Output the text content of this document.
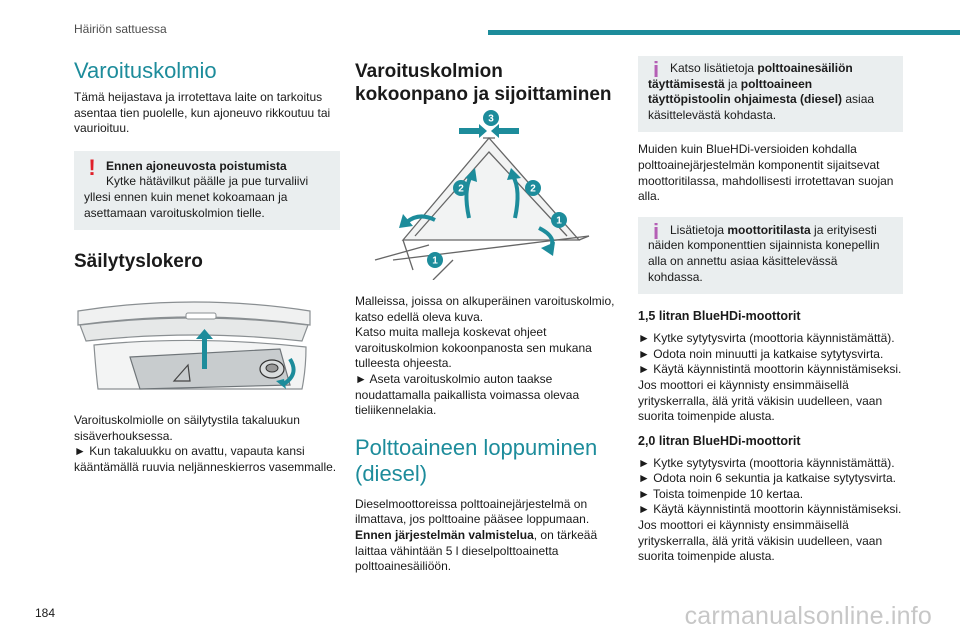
Häiriön sattuessa
Varoituskolmio

Tämä heijastava ja irrotettava laite on tarkoitus asentaa tien puolelle, kun ajoneuvo rikkoutuu tai vaurioituu.

! Ennen ajoneuvosta poistumista
Kytke hätävilkut päälle ja pue turvaliivi yllesi ennen kuin menet kokoamaan ja asettamaan varoituskolmion tielle.
Säilytyslokero

Varoituskolmiolle on säilytystila takaluukun sisäverhouksessa.

► Kun takaluukku on avattu, vapauta kansi kääntämällä ruuvia neljänneskierros vasemmalle.

Varoituskolmion kokoonpano ja sijoittaminen
3
2	2
1
1

Malleissa, joissa on alkuperäinen varoituskolmio, katso edellä oleva kuva.

Katso muita malleja koskevat ohjeet varoituskolmion kokoonpanosta sen mukana tulleesta ohjeesta.

► Aseta varoituskolmio auton taakse noudattamalla paikallista voimassa olevaa tieliikennelakia.

Polttoaineen loppuminen (diesel)

Dieselmoottoreissa polttoainejärjestelmä on ilmattava, jos polttoaine pääsee loppumaan.

Ennen järjestelmän valmistelua, on tärkeää laittaa vähintään 5 l dieselpolttoainetta polttoainesäiliöön.

i Katso lisätietoja polttoainesäiliön täyttämisestä ja polttoaineen täyttöpistoolin ohjaimesta (diesel) asiaa käsittelevästä kohdasta.

Muiden kuin BlueHDi-versioiden kohdalla polttoainejärjestelmän komponentit sijaitsevat moottoritilassa, mahdollisesti irrotettavan suojan alla.

i Lisätietoja moottoritilasta ja erityisesti näiden komponenttien sijainnista konepellin alla on annettu asiaa käsittelevässä kohdassa.
1,5 litran BlueHDi-moottorit

► Kytke sytytysvirta (moottoria käynnistämättä).

► Odota noin minuutti ja katkaise sytytysvirta.

► Käytä käynnistintä moottorin käynnistämiseksi.

Jos moottori ei käynnisty ensimmäisellä yrityskerralla, älä yritä väkisin uudelleen, vaan suorita toimenpide alusta.

2,0 litran BlueHDi-moottorit

► Kytke sytytysvirta (moottoria käynnistämättä).

► Odota noin 6 sekuntia ja katkaise sytytysvirta.

► Toista toimenpide 10 kertaa.

► Käytä käynnistintä moottorin käynnistämiseksi.

Jos moottori ei käynnisty ensimmäisellä yrityskerralla, älä yritä väkisin uudelleen, vaan suorita toimenpide alusta.

184	carmanualsonline.info
